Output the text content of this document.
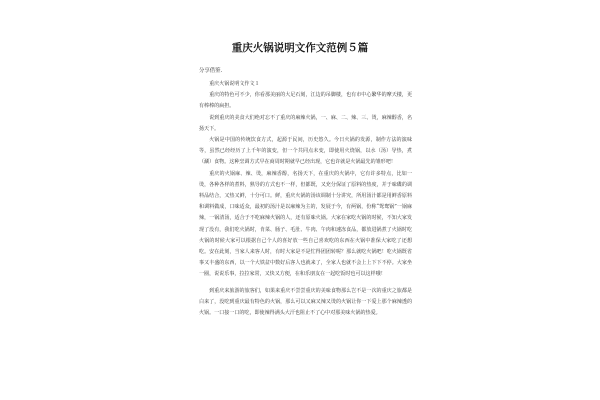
重庆火锅说明文作文范例５篇
分享借鉴.

重庆火锅说明文作文１

重庆的特色可不少，你看那美丽的大足石刻，江边的吊脚楼，也有市中心繁华的摩天楼，更有棒棒的扁担。

说到重庆的美食大们绝对忘不了重庆的麻辣火锅，一、麻、二、辣、三、烫，麻辣醇香，名扬天下。

火锅是中国的传统饮食方式，起源于民间，历史悠久。今日火锅的发源，制作方法的演味等，虽然已经经历了上千年的演变，但一个共同点未变，即使用火烧锅，以水（汤）导热，煮（涮）食物。这种烹调方式早在商周时期就早已经出现，它也许就是火锅最先的雏形吧！

重庆的火锅麻、辣、烫，麻辣香醇，名扬天下，在重庆的火锅中，它有许多特点，比如一烫，各种各样的煮料，熟导的方式也不一样，但都既，又充分保证了原料的热度，并于味碟的调料品结合，又热又鲜，十分可口。鲜，重庆火锅的汤该调制十分讲究，所用汤汁都是用鲜香原料和调料做成，口味适众，最初的汤汁是以麻辣为主的，发展于今，有两锅，份称“鸳鸯锅”一锅麻辣，一锅清汤，适合于不吃麻辣火锅的人，还有原味火锅。大家在家吃火锅的时候，不知大家发现了没有，我们吃火锅时，肯菜、肠子、毛肚、牛肉、午肉和速冻食品，都放进锅煮了火锅时吃火锅的时候大家可以根据自己个人的喜好放一些自己喜欢吃的东西在火锅中准保大家吃了还想吃。安在此刻，当家人来客人时，有时大家是不是忙得团团转呢？那么就吃火锅吧！吃火锅既省事又丰盛的东西，以一个大铁盆中数好后客人也就来了，全家人也就不会上上下下不停。大家坐一圈，说说乐事，拉拉家常，又快又方便，在和乐朋友在一起吃饭时也可以这样哦！

到重庆来旅游的旅客们，如果来重庆不尝尝重庆的美味食物那么岂不是一次的重庆之旅都是白来了，没吃到重庆最有特色的火锅，那么可以又麻又辣又烫的火锅让你一下爱上那个麻辣透的火锅。一口接一口的吃，即使辣得满头大汗也阻止不了心中对那美味火锅的热爱。
